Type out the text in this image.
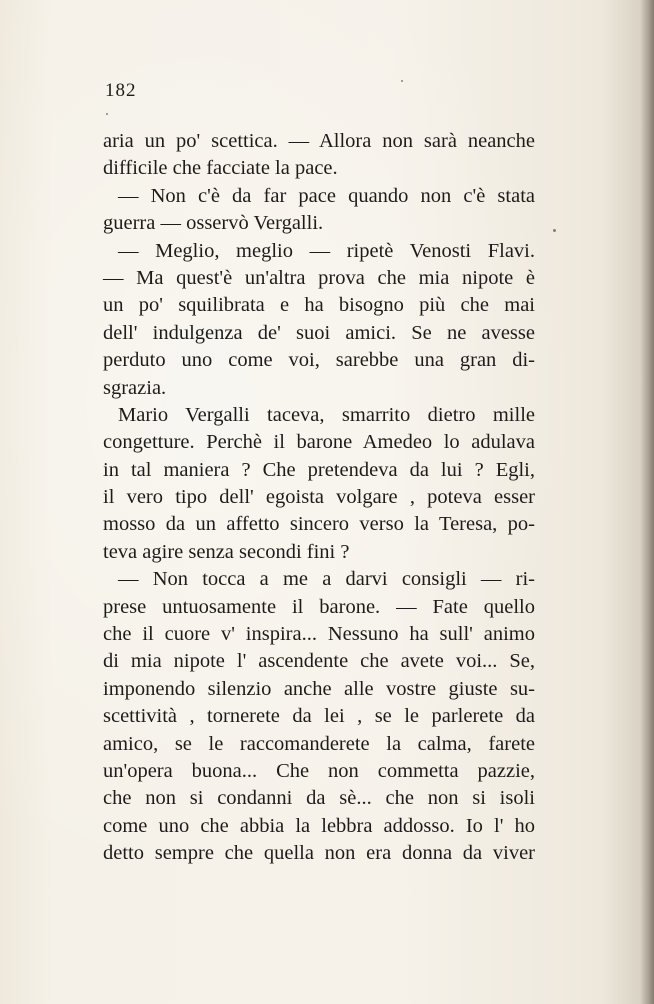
182
aria un po' scettica. — Allora non sarà neanche
difficile che facciate la pace.
— Non c'è da far pace quando non c'è stata
guerra — osservò Vergalli.
— Meglio, meglio — ripetè Venosti Flavi.
— Ma quest'è un'altra prova che mia nipote è
un po' squilibrata e ha bisogno più che mai
dell' indulgenza de' suoi amici. Se ne avesse
perduto uno come voi, sarebbe una gran di-
sgrazia.
Mario Vergalli taceva, smarrito dietro mille
congetture. Perchè il barone Amedeo lo adulava
in tal maniera ? Che pretendeva da lui ? Egli,
il vero tipo dell' egoista volgare , poteva esser
mosso da un affetto sincero verso la Teresa, po-
teva agire senza secondi fini ?
— Non tocca a me a darvi consigli — ri-
prese untuosamente il barone. — Fate quello
che il cuore v' inspira... Nessuno ha sull' animo
di mia nipote l' ascendente che avete voi... Se,
imponendo silenzio anche alle vostre giuste su-
scettività , tornerete da lei , se le parlerete da
amico, se le raccomanderete la calma, farete
un'opera buona... Che non commetta pazzie,
che non si condanni da sè... che non si isoli
come uno che abbia la lebbra addosso. Io l' ho
detto sempre che quella non era donna da viver
